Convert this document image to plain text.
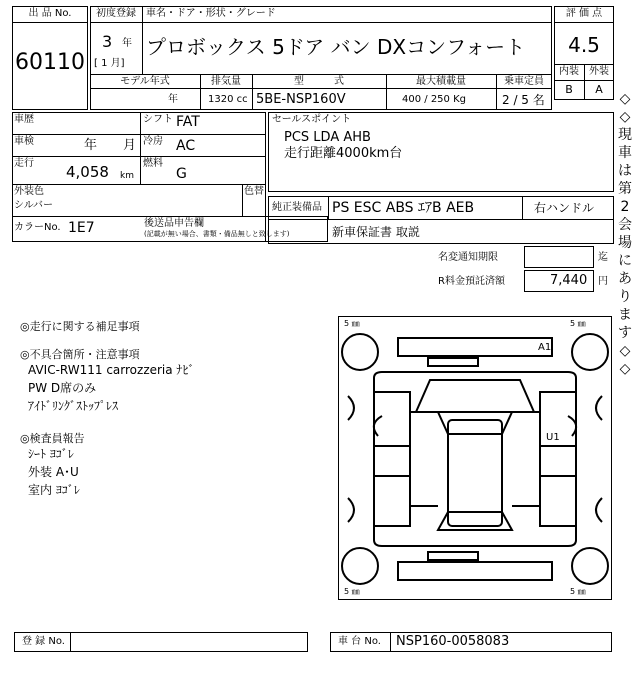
出 品 No.
60110
初度登録
3 年
[ 1 月]
車名・ドア・形状・グレード
プロボックス 5ドア バン DXコンフォート
モデル年式
年
排気量
1320 cc
型　　　式
5BE-NSP160V
最大積載量
400 / 250 Kg
乗車定員
2 / 5 名
評 価 点
4.5
内装	外装
B	A
車歴	シフト FAT
車検	年　　月 冷房 AC
走行 4,058 km
燃料
G
外装色
シルバー
色替
カラーNo. 1E7	後送品申告欄
(記載が無い場合、書類・備品無しと致します)
セールスポイント
PCS LDA AHB
走行距離4000km台
純正装備品 PS ESC ABS ｴｱB AEB	右ハンドル
新車保証書 取説
名変通知期限	迄
R料金預託済額	7,440 円
◇◇現車は第2会場にあります◇◇
◎走行に関する補足事項
◎不具合箇所・注意事項
AVIC-RW111 carrozzeria ﾅﾋﾞ
PW D席のみ
ｱｲﾄﾞﾘﾝｸﾞｽﾄｯﾌﾟﾚｽ
◎検査員報告
ｼｰﾄ ﾖｺﾞﾚ
外装 A･U
室内 ﾖｺﾞﾚ
5 ㎜	5 ㎜
5 ㎜	5 ㎜
A1
U1
登 録 No.	車 台 No. NSP160-0058083
